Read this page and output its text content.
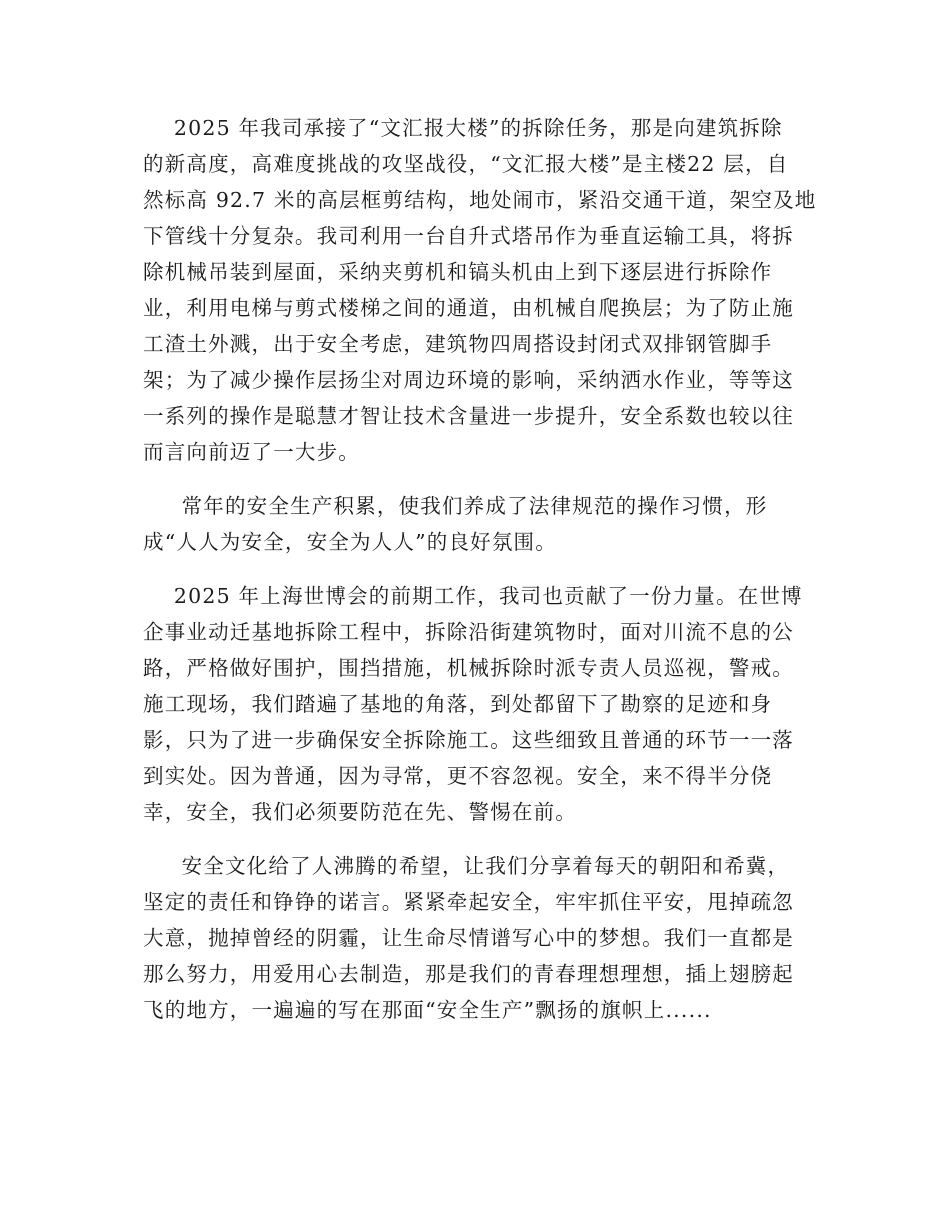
2025 年我司承接了“文汇报大楼”的拆除任务，那是向建筑拆除
的新高度，高难度挑战的攻坚战役，“文汇报大楼”是主楼22 层，自
然标高 92.7 米的高层框剪结构，地处闹市，紧沿交通干道，架空及地
下管线十分复杂。我司利用一台自升式塔吊作为垂直运输工具，将拆
除机械吊装到屋面，采纳夹剪机和镐头机由上到下逐层进行拆除作
业，利用电梯与剪式楼梯之间的通道，由机械自爬换层；为了防止施
工渣土外溅，出于安全考虑，建筑物四周搭设封闭式双排钢管脚手
架；为了减少操作层扬尘对周边环境的影响，采纳洒水作业，等等这
一系列的操作是聪慧才智让技术含量进一步提升，安全系数也较以往
而言向前迈了一大步。
常年的安全生产积累，使我们养成了法律规范的操作习惯，形
成“人人为安全，安全为人人”的良好氛围。
2025 年上海世博会的前期工作，我司也贡献了一份力量。在世博
企事业动迁基地拆除工程中，拆除沿街建筑物时，面对川流不息的公
路，严格做好围护，围挡措施，机械拆除时派专责人员巡视，警戒。
施工现场，我们踏遍了基地的角落，到处都留下了勘察的足迹和身
影，只为了进一步确保安全拆除施工。这些细致且普通的环节一一落
到实处。因为普通，因为寻常，更不容忽视。安全，来不得半分侥
幸，安全，我们必须要防范在先、警惕在前。
安全文化给了人沸腾的希望，让我们分享着每天的朝阳和希冀，
坚定的责任和铮铮的诺言。紧紧牵起安全，牢牢抓住平安，甩掉疏忽
大意，抛掉曾经的阴霾，让生命尽情谱写心中的梦想。我们一直都是
那么努力，用爱用心去制造，那是我们的青春理想理想，插上翅膀起
飞的地方，一遍遍的写在那面“安全生产”飘扬的旗帜上......
